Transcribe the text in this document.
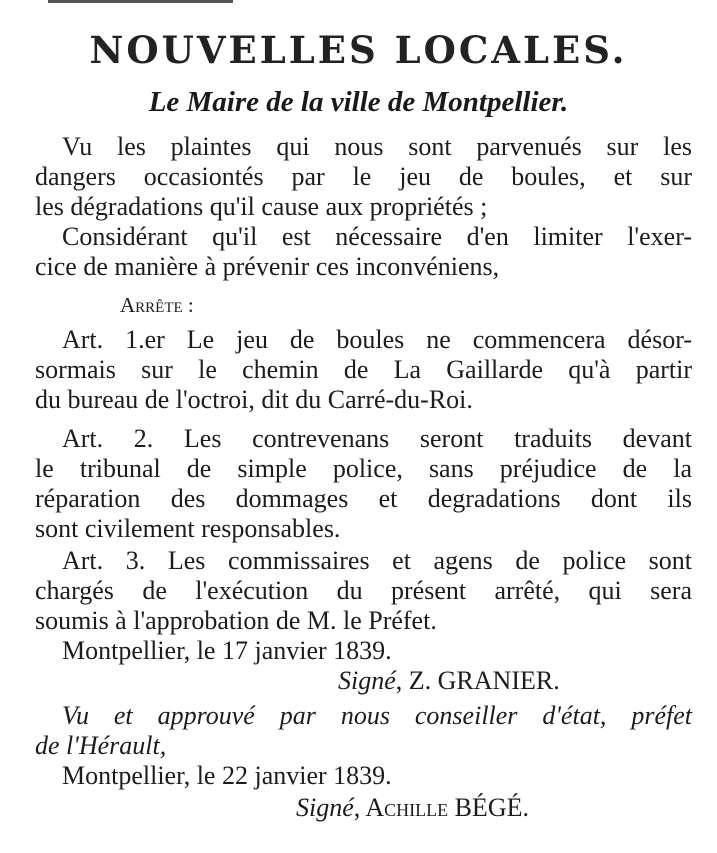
NOUVELLES LOCALES.
Le Maire de la ville de Montpellier.
Vu les plaintes qui nous sont parvenués sur les
dangers occasiontés par le jeu de boules, et sur
les dégradations qu'il cause aux propriétés ;
Considérant qu'il est nécessaire d'en limiter l'exer-
cice de manière à prévenir ces inconvéniens,
Arrête :
Art. 1.er Le jeu de boules ne commencera désor-
sormais sur le chemin de La Gaillarde qu'à partir
du bureau de l'octroi, dit du Carré-du-Roi.
Art. 2. Les contrevenans seront traduits devant
le tribunal de simple police, sans préjudice de la
réparation des dommages et degradations dont ils
sont civilement responsables.
Art. 3. Les commissaires et agens de police sont
chargés de l'exécution du présent arrêté, qui sera
soumis à l'approbation de M. le Préfet.
Montpellier, le 17 janvier 1839.
Signé, Z. GRANIER.
Vu et approuvé par nous conseiller d'état, préfet
de l'Hérault,
Montpellier, le 22 janvier 1839.
Signé, Achille BÉGÉ.
